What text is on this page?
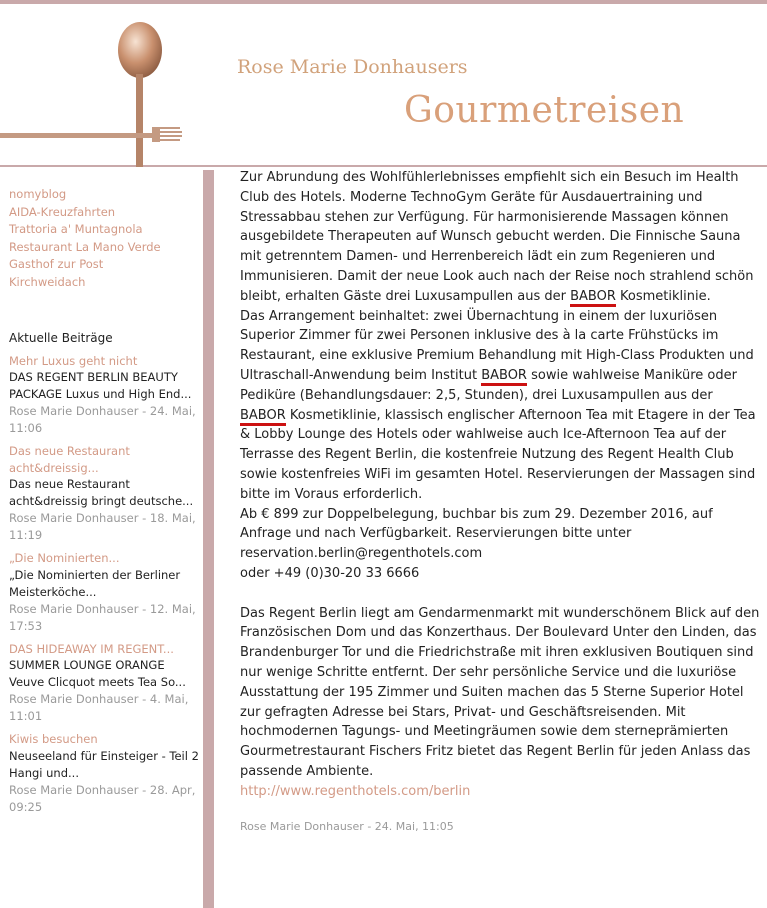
Rose Marie Donhausers
Gourmetreisen
nomyblog
AIDA-Kreuzfahrten
Trattoria a' Muntagnola
Restaurant La Mano Verde
Gasthof zur Post
Kirchweidach
Aktuelle Beiträge
Mehr Luxus geht nicht
DAS REGENT BERLIN BEAUTY PACKAGE Luxus und High End...
Rose Marie Donhauser - 24. Mai, 11:06
Das neue Restaurant acht&dreissig...
Das neue Restaurant acht&dreissig bringt deutsche...
Rose Marie Donhauser - 18. Mai, 11:19
„Die Nominierten...
„Die Nominierten der Berliner Meisterköche...
Rose Marie Donhauser - 12. Mai, 17:53
DAS HIDEAWAY IM REGENT...
SUMMER LOUNGE ORANGE Veuve Clicquot meets Tea So...
Rose Marie Donhauser - 4. Mai, 11:01
Kiwis besuchen
Neuseeland für Einsteiger - Teil 2 Hangi und...
Rose Marie Donhauser - 28. Apr, 09:25

Zur Abrundung des Wohlfühlerlebnisses empfiehlt sich ein Besuch im Health Club des Hotels. Moderne TechnoGym Geräte für Ausdauertraining und Stressabbau stehen zur Verfügung. Für harmonisierende Massagen können ausgebildete Therapeuten auf Wunsch gebucht werden. Die Finnische Sauna mit getrenntem Damen- und Herrenbereich lädt ein zum Regenieren und Immunisieren. Damit der neue Look auch nach der Reise noch strahlend schön bleibt, erhalten Gäste drei Luxusampullen aus der BABOR Kosmetiklinie.

Das Arrangement beinhaltet: zwei Übernachtung in einem der luxuriösen Superior Zimmer für zwei Personen inklusive des à la carte Frühstücks im Restaurant, eine exklusive Premium Behandlung mit High-Class Produkten und Ultraschall-Anwendung beim Institut BABOR sowie wahlweise Maniküre oder Pediküre (Behandlungsdauer: 2,5, Stunden), drei Luxusampullen aus der BABOR Kosmetiklinie, klassisch englischer Afternoon Tea mit Etagere in der Tea & Lobby Lounge des Hotels oder wahlweise auch Ice-Afternoon Tea auf der Terrasse des Regent Berlin, die kostenfreie Nutzung des Regent Health Club sowie kostenfreies WiFi im gesamten Hotel. Reservierungen der Massagen sind bitte im Voraus erforderlich.

Ab € 899 zur Doppelbelegung, buchbar bis zum 29. Dezember 2016, auf Anfrage und nach Verfügbarkeit. Reservierungen bitte unter reservation.berlin@regenthotels.com

oder +49 (0)30-20 33 6666

Das Regent Berlin liegt am Gendarmenmarkt mit wunderschönem Blick auf den Französischen Dom und das Konzerthaus. Der Boulevard Unter den Linden, das Brandenburger Tor und die Friedrichstraße mit ihren exklusiven Boutiquen sind nur wenige Schritte entfernt. Der sehr persönliche Service und die luxuriöse Ausstattung der 195 Zimmer und Suiten machen das 5 Sterne Superior Hotel zur gefragten Adresse bei Stars, Privat- und Geschäftsreisenden. Mit hochmodernen Tagungs- und Meetingräumen sowie dem sterneprämierten Gourmetrestaurant Fischers Fritz bietet das Regent Berlin für jeden Anlass das passende Ambiente.

http://www.regenthotels.com/berlin

Rose Marie Donhauser - 24. Mai, 11:05
